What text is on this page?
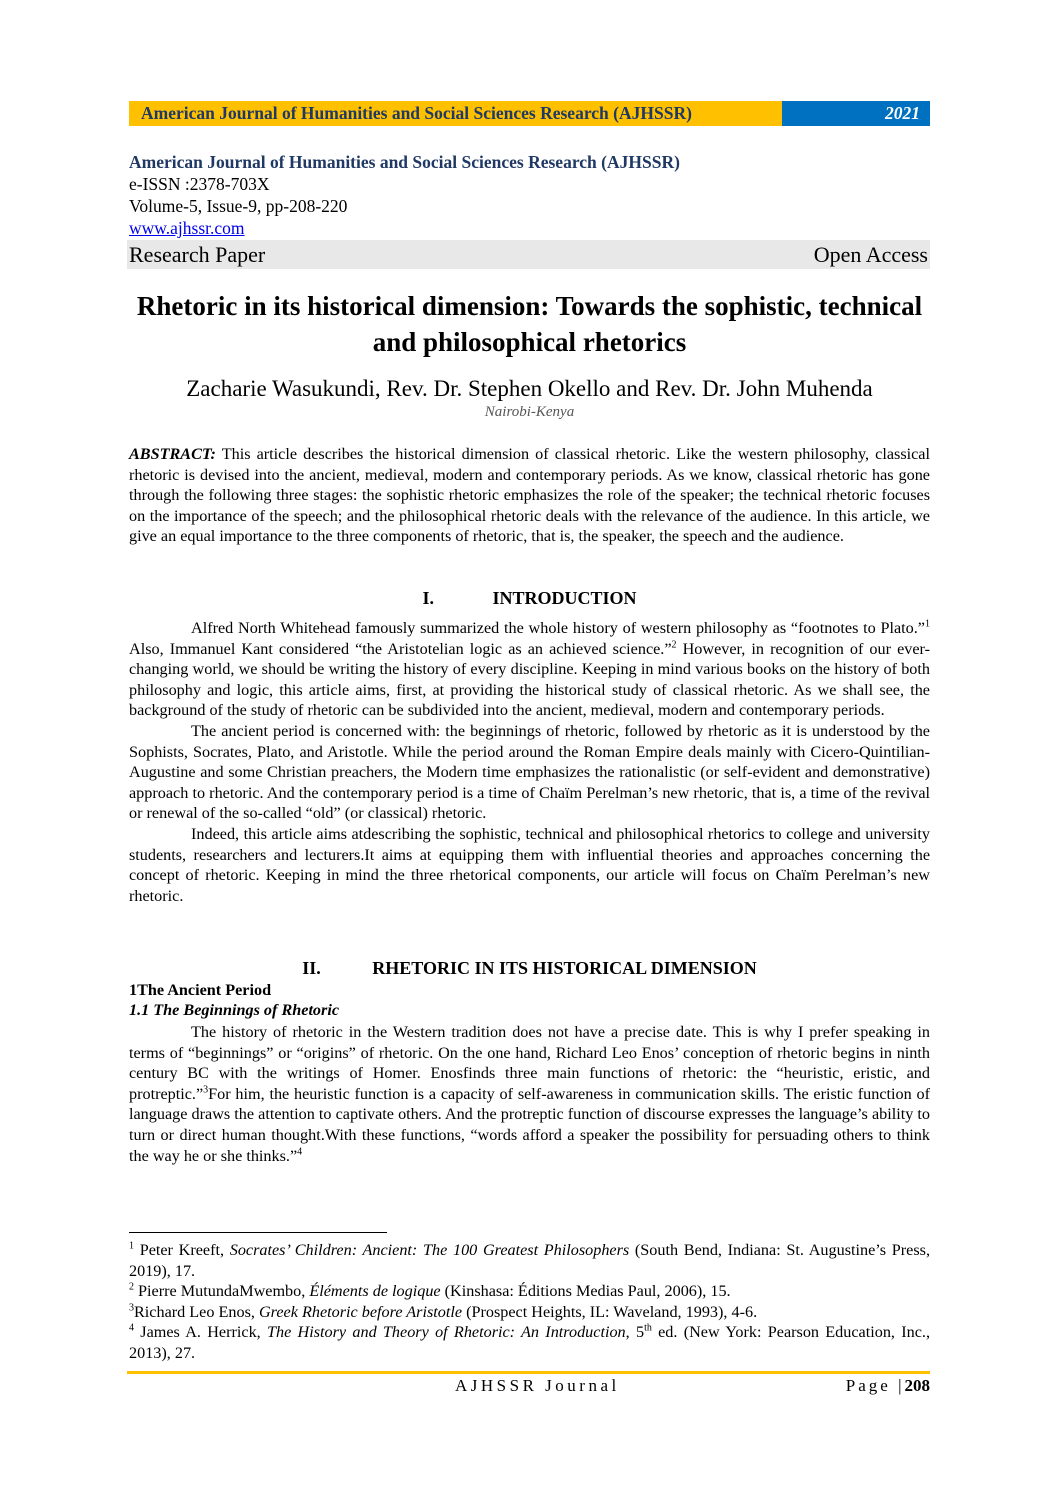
American Journal of Humanities and Social Sciences Research (AJHSSR)	2021
American Journal of Humanities and Social Sciences Research (AJHSSR)
e-ISSN :2378-703X
Volume-5, Issue-9, pp-208-220
www.ajhssr.com
Research Paper	Open Access
Rhetoric in its historical dimension: Towards the sophistic, technical and philosophical rhetorics
Zacharie Wasukundi, Rev. Dr. Stephen Okello and Rev. Dr. John Muhenda
Nairobi-Kenya

ABSTRACT: This article describes the historical dimension of classical rhetoric. Like the western philosophy, classical rhetoric is devised into the ancient, medieval, modern and contemporary periods. As we know, classical rhetoric has gone through the following three stages: the sophistic rhetoric emphasizes the role of the speaker; the technical rhetoric focuses on the importance of the speech; and the philosophical rhetoric deals with the relevance of the audience. In this article, we give an equal importance to the three components of rhetoric, that is, the speaker, the speech and the audience.

I.	INTRODUCTION

Alfred North Whitehead famously summarized the whole history of western philosophy as “footnotes to Plato.”$^1$ Also, Immanuel Kant considered “the Aristotelian logic as an achieved science.”$^2$ However, in recognition of our ever-changing world, we should be writing the history of every discipline. Keeping in mind various books on the history of both philosophy and logic, this article aims, first, at providing the historical study of classical rhetoric. As we shall see, the background of the study of rhetoric can be subdivided into the ancient, medieval, modern and contemporary periods.

The ancient period is concerned with: the beginnings of rhetoric, followed by rhetoric as it is understood by the Sophists, Socrates, Plato, and Aristotle. While the period around the Roman Empire deals mainly with Cicero-Quintilian-Augustine and some Christian preachers, the Modern time emphasizes the rationalistic (or self-evident and demonstrative) approach to rhetoric. And the contemporary period is a time of Chaïm Perelman’s new rhetoric, that is, a time of the revival or renewal of the so-called “old” (or classical) rhetoric.

Indeed, this article aims atdescribing the sophistic, technical and philosophical rhetorics to college and university students, researchers and lecturers.It aims at equipping them with influential theories and approaches concerning the concept of rhetoric. Keeping in mind the three rhetorical components, our article will focus on Chaïm Perelman’s new rhetoric.

II.	RHETORIC IN ITS HISTORICAL DIMENSION
1The Ancient Period
1.1 The Beginnings of Rhetoric

The history of rhetoric in the Western tradition does not have a precise date. This is why I prefer speaking in terms of “beginnings” or “origins” of rhetoric. On the one hand, Richard Leo Enos’ conception of rhetoric begins in ninth century BC with the writings of Homer. Enosfinds three main functions of rhetoric: the “heuristic, eristic, and protreptic.”$^3$For him, the heuristic function is a capacity of self-awareness in communication skills. The eristic function of language draws the attention to captivate others. And the protreptic function of discourse expresses the language’s ability to turn or direct human thought.With these functions, “words afford a speaker the possibility for persuading others to think the way he or she thinks.”$^4$

$^1$ Peter Kreeft, Socrates’ Children: Ancient: The 100 Greatest Philosophers (South Bend, Indiana: St. Augustine’s Press, 2019), 17.

$^2$ Pierre MutundaMwembo, Éléments de logique (Kinshasa: Éditions Medias Paul, 2006), 15.

$^3$Richard Leo Enos, Greek Rhetoric before Aristotle (Prospect Heights, IL: Waveland, 1993), 4-6.

$^4$ James A. Herrick, The History and Theory of Rhetoric: An Introduction, 5th ed. (New York: Pearson Education, Inc., 2013), 27.

AJHSSR Journal	Page |208
